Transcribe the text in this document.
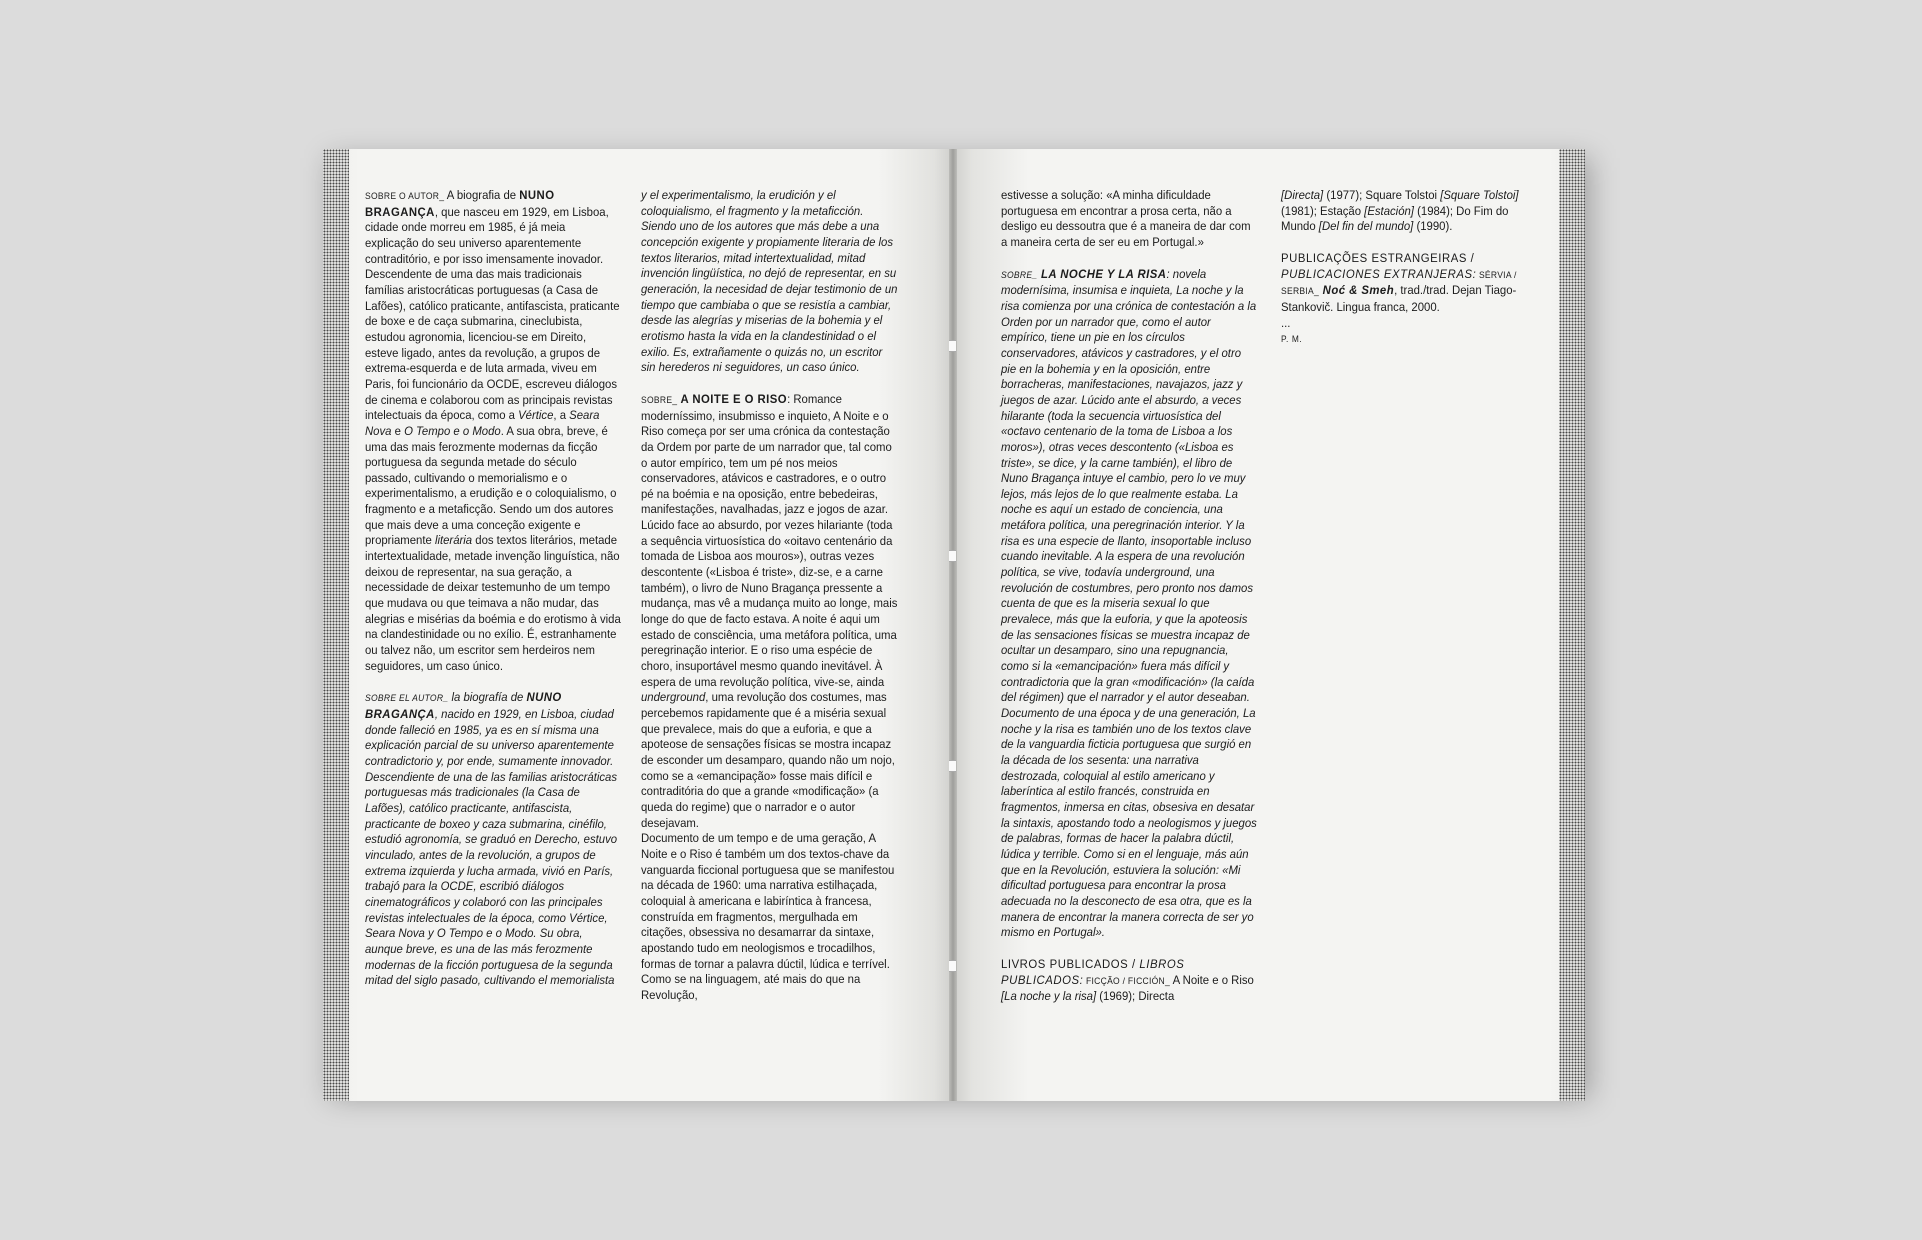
SOBRE O AUTOR_ A biografia de NUNO BRAGANÇA, que nasceu em 1929, em Lisboa, cidade onde morreu em 1985, é já meia explicação do seu universo aparentemente contraditório, e por isso imensamente inovador. Descendente de uma das mais tradicionais famílias aristocráticas portuguesas (a Casa de Lafões), católico praticante, antifascista, praticante de boxe e de caça submarina, cineclubista, estudou agronomia, licenciou-se em Direito, esteve ligado, antes da revolução, a grupos de extrema-esquerda e de luta armada, viveu em Paris, foi funcionário da OCDE, escreveu diálogos de cinema e colaborou com as principais revistas intelectuais da época, como a Vértice, a Seara Nova e O Tempo e o Modo. A sua obra, breve, é uma das mais ferozmente modernas da ficção portuguesa da segunda metade do século passado, cultivando o memorialismo e o experimentalismo, a erudição e o coloquialismo, o fragmento e a metaficção. Sendo um dos autores que mais deve a uma conceção exigente e propriamente literária dos textos literários, metade intertextualidade, metade invenção linguística, não deixou de representar, na sua geração, a necessidade de deixar testemunho de um tempo que mudava ou que teimava a não mudar, das alegrias e misérias da boémia e do erotismo à vida na clandestinidade ou no exílio. É, estranhamente ou talvez não, um escritor sem herdeiros nem seguidores, um caso único.

SOBRE EL AUTOR_ la biografía de NUNO BRAGANÇA, nacido en 1929, en Lisboa, ciudad donde falleció en 1985, ya es en sí misma una explicación parcial de su universo aparentemente contradictorio y, por ende, sumamente innovador. Descendiente de una de las familias aristocráticas portuguesas más tradicionales (la Casa de Lafões), católico practicante, antifascista, practicante de boxeo y caza submarina, cinéfilo, estudió agronomía, se graduó en Derecho, estuvo vinculado, antes de la revolución, a grupos de extrema izquierda y lucha armada, vivió en París, trabajó para la OCDE, escribió diálogos cinematográficos y colaboró con las principales revistas intelectuales de la época, como Vértice, Seara Nova y O Tempo e o Modo. Su obra, aunque breve, es una de las más ferozmente modernas de la ficción portuguesa de la segunda mitad del siglo pasado, cultivando el memorialista

y el experimentalismo, la erudición y el coloquialismo, el fragmento y la metaficción. Siendo uno de los autores que más debe a una concepción exigente y propiamente literaria de los textos literarios, mitad intertextualidad, mitad invención lingüística, no dejó de representar, en su generación, la necesidad de dejar testimonio de un tiempo que cambiaba o que se resistía a cambiar, desde las alegrías y miserias de la bohemia y el erotismo hasta la vida en la clandestinidad o el exilio. Es, extrañamente o quizás no, un escritor sin herederos ni seguidores, un caso único.

SOBRE_ A NOITE E O RISO: Romance moderníssimo, insubmisso e inquieto, A Noite e o Riso começa por ser uma crónica da contestação da Ordem por parte de um narrador que, tal como o autor empírico, tem um pé nos meios conservadores, atávicos e castradores, e o outro pé na boémia e na oposição, entre bebedeiras, manifestações, navalhadas, jazz e jogos de azar. Lúcido face ao absurdo, por vezes hilariante (toda a sequência virtuosística do «oitavo centenário da tomada de Lisboa aos mouros»), outras vezes descontente («Lisboa é triste», diz-se, e a carne também), o livro de Nuno Bragança pressente a mudança, mas vê a mudança muito ao longe, mais longe do que de facto estava. A noite é aqui um estado de consciência, uma metáfora política, uma peregrinação interior. E o riso uma espécie de choro, insuportável mesmo quando inevitável. À espera de uma revolução política, vive-se, ainda underground, uma revolução dos costumes, mas percebemos rapidamente que é a miséria sexual que prevalece, mais do que a euforia, e que a apoteose de sensações físicas se mostra incapaz de esconder um desamparo, quando não um nojo, como se a «emancipação» fosse mais difícil e contraditória do que a grande «modificação» (a queda do regime) que o narrador e o autor desejavam.
Documento de um tempo e de uma geração, A Noite e o Riso é também um dos textos-chave da vanguarda ficcional portuguesa que se manifestou na década de 1960: uma narrativa estilhaçada, coloquial à americana e labiríntica à francesa, construída em fragmentos, mergulhada em citações, obsessiva no desamarrar da sintaxe, apostando tudo em neologismos e trocadilhos, formas de tornar a palavra dúctil, lúdica e terrível. Como se na linguagem, até mais do que na Revolução,

estivesse a solução: «A minha dificuldade portuguesa em encontrar a prosa certa, não a desligo eu dessoutra que é a maneira de dar com a maneira certa de ser eu em Portugal.»

SOBRE_ LA NOCHE Y LA RISA: novela modernísima, insumisa e inquieta, La noche y la risa comienza por una crónica de contestación a la Orden por un narrador que, como el autor empírico, tiene un pie en los círculos conservadores, atávicos y castradores, y el otro pie en la bohemia y en la oposición, entre borracheras, manifestaciones, navajazos, jazz y juegos de azar. Lúcido ante el absurdo, a veces hilarante (toda la secuencia virtuosística del «octavo centenario de la toma de Lisboa a los moros»), otras veces descontento («Lisboa es triste», se dice, y la carne también), el libro de Nuno Bragança intuye el cambio, pero lo ve muy lejos, más lejos de lo que realmente estaba. La noche es aquí un estado de conciencia, una metáfora política, una peregrinación interior. Y la risa es una especie de llanto, insoportable incluso cuando inevitable. A la espera de una revolución política, se vive, todavía underground, una revolución de costumbres, pero pronto nos damos cuenta de que es la miseria sexual lo que prevalece, más que la euforia, y que la apoteosis de las sensaciones físicas se muestra incapaz de ocultar un desamparo, sino una repugnancia, como si la «emancipación» fuera más difícil y contradictoria que la gran «modificación» (la caída del régimen) que el narrador y el autor deseaban.
Documento de una época y de una generación, La noche y la risa es también uno de los textos clave de la vanguardia ficticia portuguesa que surgió en la década de los sesenta: una narrativa destrozada, coloquial al estilo americano y laberíntica al estilo francés, construida en fragmentos, inmersa en citas, obsesiva en desatar la sintaxis, apostando todo a neologismos y juegos de palabras, formas de hacer la palabra dúctil, lúdica y terrible. Como si en el lenguaje, más aún que en la Revolución, estuviera la solución: «Mi dificultad portuguesa para encontrar la prosa adecuada no la desconecto de esa otra, que es la manera de encontrar la manera correcta de ser yo mismo en Portugal».

LIVROS PUBLICADOS / LIBROS PUBLICADOS: FICÇÃO / FICCIÓN_ A Noite e o Riso [La noche y la risa] (1969); Directa

[Directa] (1977); Square Tolstoi [Square Tolstoi] (1981); Estação [Estación] (1984); Do Fim do Mundo [Del fin del mundo] (1990).

PUBLICAÇÕES ESTRANGEIRAS / PUBLICACIONES EXTRANJERAS: SÉRVIA / SERBIA_ Noć & Smeh, trad./trad. Dejan Tiago-Stankovič. Lingua franca, 2000.
...
P. M.
